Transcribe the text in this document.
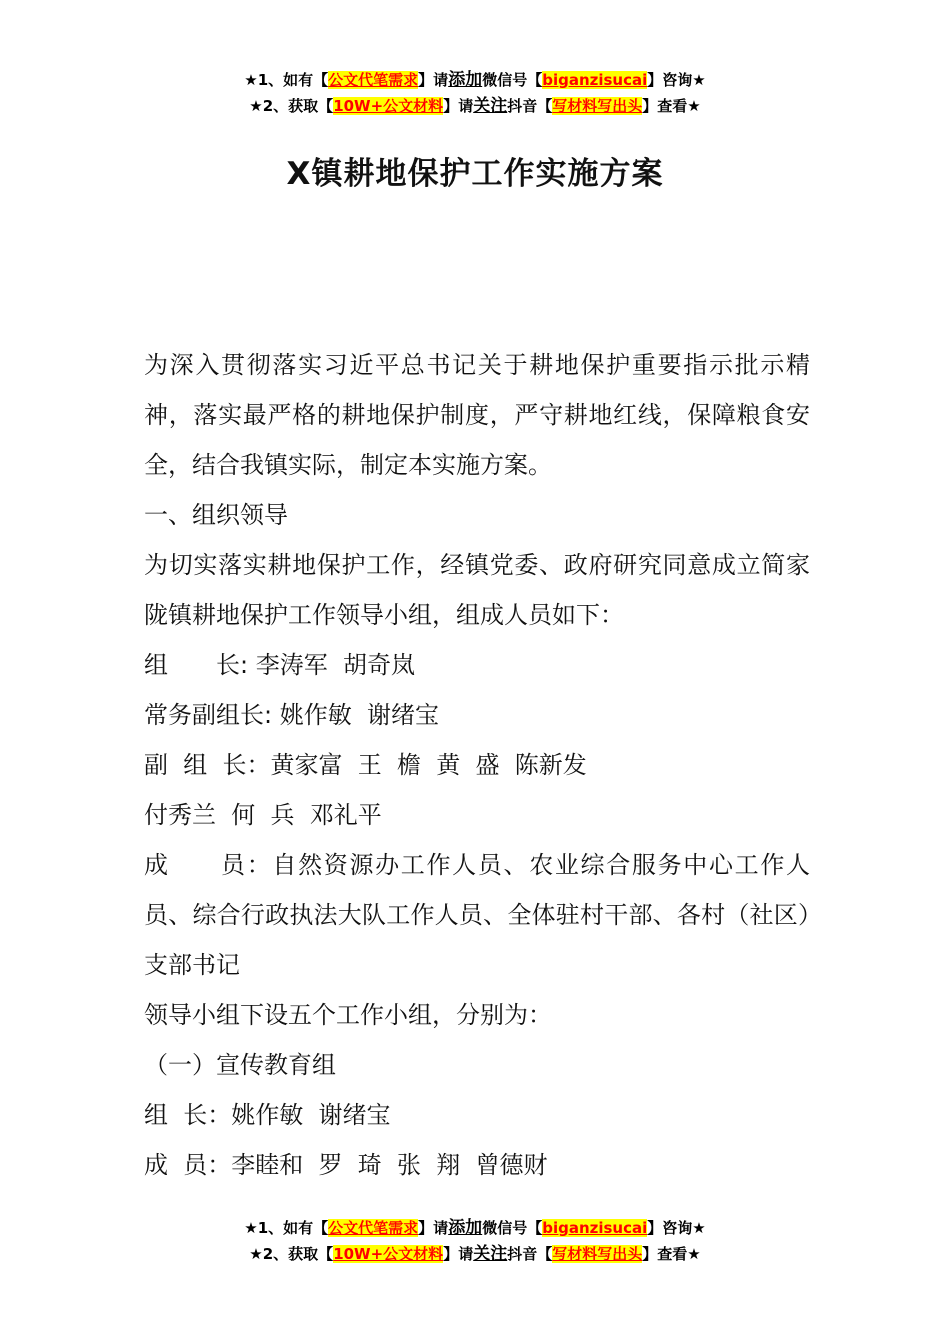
★1、如有【公文代笔需求】请添加微信号【biganzisucai】咨询★
★2、获取【10W+公文材料】请关注抖音【写材料写出头】查看★
X镇耕地保护工作实施方案

为深入贯彻落实习近平总书记关于耕地保护重要指示批示精神，落实最严格的耕地保护制度，严守耕地红线，保障粮食安全，结合我镇实际，制定本实施方案。

一、组织领导

为切实落实耕地保护工作，经镇党委、政府研究同意成立简家陇镇耕地保护工作领导小组，组成人员如下：

组　　长: 李涛军  胡奇岚

常务副组长: 姚作敏  谢绪宝

副  组  长：黄家富  王  檐  黄  盛  陈新发

付秀兰  何  兵  邓礼平

成　　员：自然资源办工作人员、农业综合服务中心工作人员、综合行政执法大队工作人员、全体驻村干部、各村（社区）支部书记

领导小组下设五个工作小组，分别为：

（一）宣传教育组

组  长：姚作敏  谢绪宝

成  员：李睦和  罗  琦  张  翔  曾德财

★1、如有【公文代笔需求】请添加微信号【biganzisucai】咨询★
★2、获取【10W+公文材料】请关注抖音【写材料写出头】查看★
